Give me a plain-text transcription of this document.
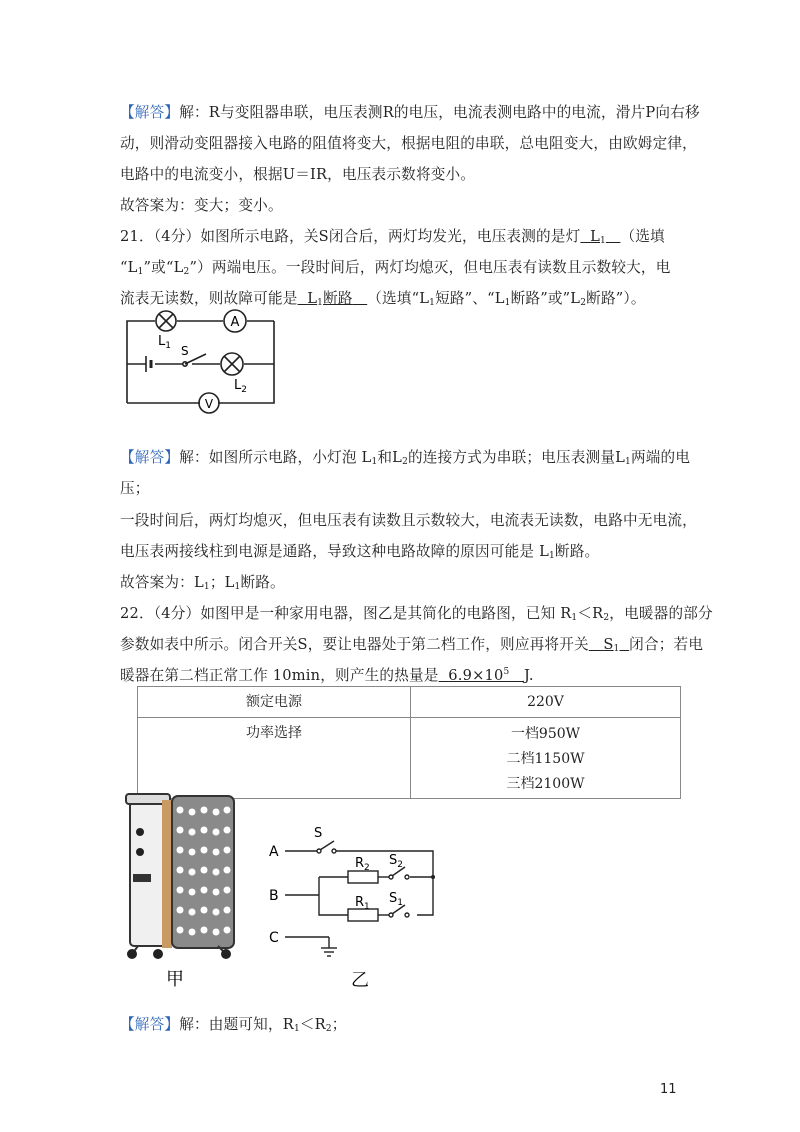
【解答】解：R与变阻器串联，电压表测R的电压，电流表测电路中的电流，滑片P向右移
动，则滑动变阻器接入电路的阻值将变大，根据电阻的串联，总电阻变大，由欧姆定律，
电路中的电流变小，根据U＝IR，电压表示数将变小。
故答案为：变大；变小。
21．（4分）如图所示电路，关S闭合后，两灯均发光，电压表测的是灯 $L_1$ （选填
“$L_1$”或“$L_2$”）两端电压。一段时间后，两灯均熄灭，但电压表有读数且示数较大，电
流表无读数，则故障可能是 $L_1$断路 （选填“$L_1$短路”、“$L_1$断路”或$”L_2$断路”）。
A
V
S
$L_1$
$L_2$
【解答】解：如图所示电路，小灯泡 $L_1$和$L_2$的连接方式为串联；电压表测量$L_1$两端的电
压；
一段时间后，两灯均熄灭，但电压表有读数且示数较大，电流表无读数，电路中无电流，
电压表两接线柱到电源是通路，导致这种电路故障的原因可能是 $L_1$断路。
故答案为：$L_1$；$L_1$断路。
22．（4分）如图甲是一种家用电器，图乙是其简化的电路图，已知 $R_1<R_2$，电暖器的部分
参数如表中所示。闭合开关S，要让电器处于第二档工作，则应再将开关 $S_1$ 闭合；若电
暖器在第二档正常工作 10min，则产生的热量是 $6.9\times 10^5$ J.
额定电源	220V
功率选择	一档950W
二档1150W
三档2100W
甲
A
B
C
S
$R_2$
$R_1$
$S_2$
$S_1$
乙
【解答】解：由题可知，$R_1<R_2$；
11
